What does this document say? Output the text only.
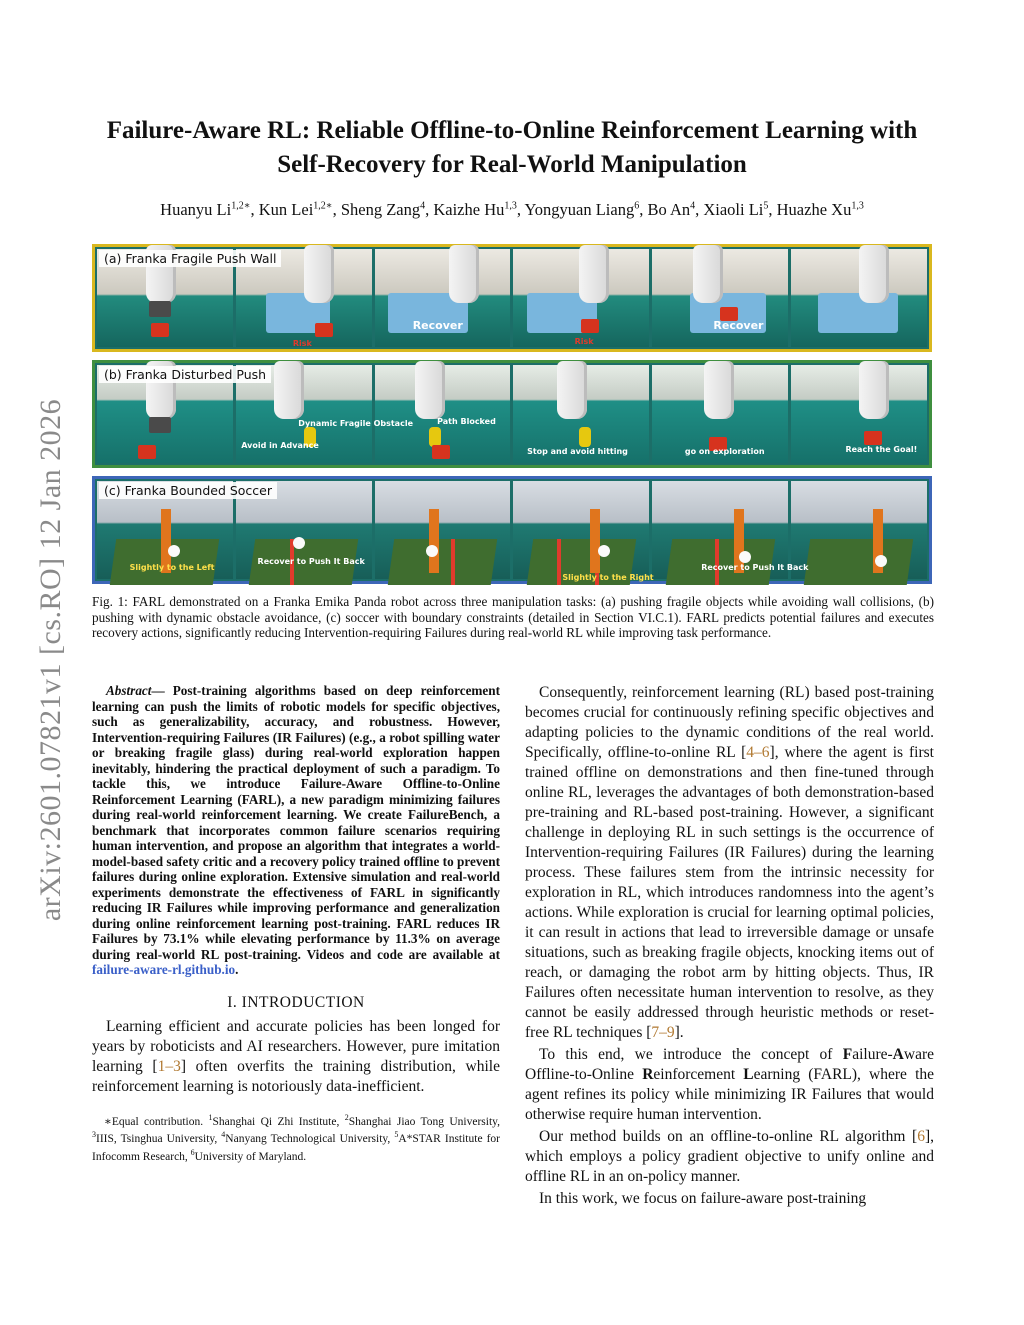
arXiv:2601.07821v1 [cs.RO] 12 Jan 2026
Failure-Aware RL: Reliable Offline-to-Online Reinforcement Learning with Self-Recovery for Real-World Manipulation
Huanyu $Li^{1,2∗}$, Kun Lei$^{1,2∗}$, Sheng Zang$^4$, Kaizhe Hu$^{1,3}$, Yongyuan Liang$^6$, Bo An$^4$, Xiaoli Li$^5$, Huazhe Xu$^{1,3}$
(a) Franka Fragile Push Wall
Risk
Recover
Risk
Recover
(b) Franka Disturbed Push
Avoid in Advance
Dynamic Fragile Obstacle	Path Blocked
Stop and avoid hitting	go on exploration	Reach the Goal!
(c) Franka Bounded Soccer
Slightly to the Left
Recover to Push It Back
Slightly to the Right
Recover to Push It Back
Fig. 1: FARL demonstrated on a Franka Emika Panda robot across three manipulation tasks: (a) pushing fragile objects while avoiding wall collisions, (b) pushing with dynamic obstacle avoidance, (c) soccer with boundary constraints (detailed in Section VI.C.1). FARL predicts potential failures and executes recovery actions, significantly reducing Intervention-requiring Failures during real-world RL while improving task performance.

Abstract— Post-training algorithms based on deep reinforcement learning can push the limits of robotic models for specific objectives, such as generalizability, accuracy, and robustness. However, Intervention-requiring Failures (IR Failures) (e.g., a robot spilling water or breaking fragile glass) during real-world exploration happen inevitably, hindering the practical deployment of such a paradigm. To tackle this, we introduce Failure-Aware Offline-to-Online Reinforcement Learning (FARL), a new paradigm minimizing failures during real-world reinforcement learning. We create FailureBench, a benchmark that incorporates common failure scenarios requiring human intervention, and propose an algorithm that integrates a world-model-based safety critic and a recovery policy trained offline to prevent failures during online exploration. Extensive simulation and real-world experiments demonstrate the effectiveness of FARL in significantly reducing IR Failures while improving performance and generalization during online reinforcement learning post-training. FARL reduces IR Failures by 73.1% while elevating performance by 11.3% on average during real-world RL post-training. Videos and code are available at failure-aware-rl.github.io.

I. INTRODUCTION

Learning efficient and accurate policies has been longed for years by roboticists and AI researchers. However, pure imitation learning [1–3] often overfits the training distribution, while reinforcement learning is notoriously data-inefficient.

∗Equal contribution. $^1$Shanghai Qi Zhi Institute, $^2$Shanghai Jiao Tong University, $^3$IIIS, Tsinghua University, $^4$Nanyang Technological University, $^5$A*STAR Institute for Infocomm Research, $^6$University of Maryland.

Consequently, reinforcement learning (RL) based post-training becomes crucial for continuously refining specific objectives and adapting policies to the dynamic conditions of the real world. Specifically, offline-to-online RL [4–6], where the agent is first trained offline on demonstrations and then fine-tuned through online RL, leverages the advantages of both demonstration-based pre-training and RL-based post-training. However, a significant challenge in deploying RL in such settings is the occurrence of Intervention-requiring Failures (IR Failures) during the learning process. These failures stem from the intrinsic necessity for exploration in RL, which introduces randomness into the agent’s actions. While exploration is crucial for learning optimal policies, it can result in actions that lead to irreversible damage or unsafe situations, such as breaking fragile objects, knocking items out of reach, or damaging the robot arm by hitting objects. Thus, IR Failures often necessitate human intervention to resolve, as they cannot be easily addressed through heuristic methods or reset-free RL techniques [7–9].

To this end, we introduce the concept of Failure-Aware Offline-to-Online Reinforcement Learning (FARL), where the agent refines its policy while minimizing IR Failures that would otherwise require human intervention.

Our method builds on an offline-to-online RL algorithm [6], which employs a policy gradient objective to unify online and offline RL in an on-policy manner.

In this work, we focus on failure-aware post-training
